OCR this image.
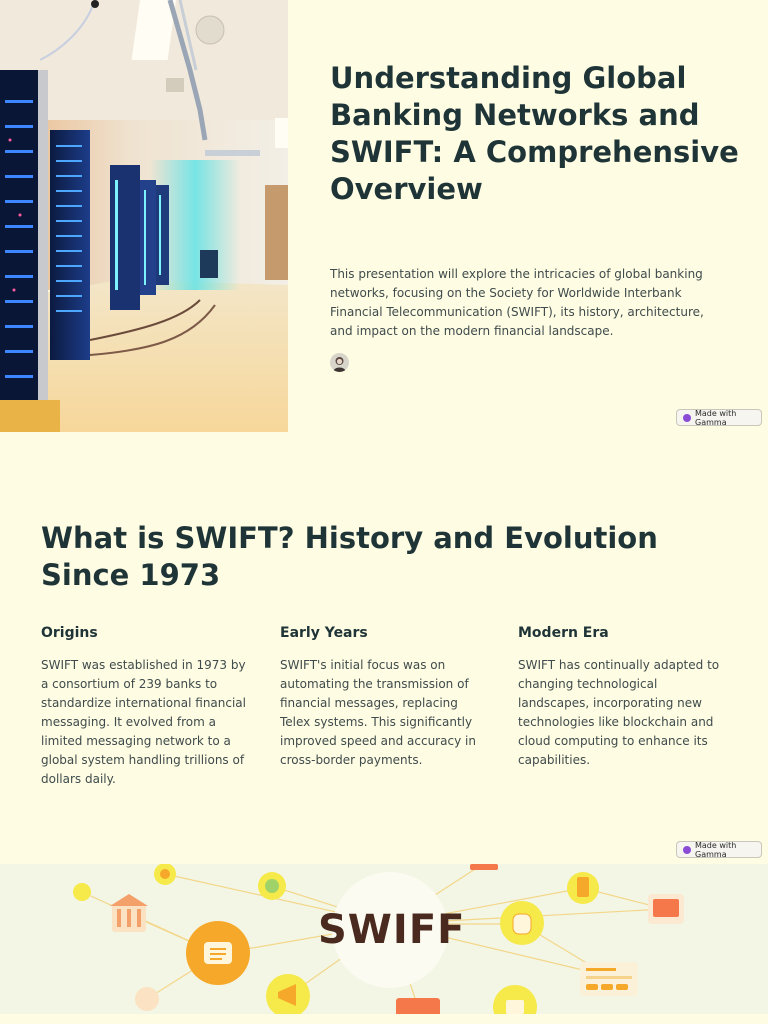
Understanding Global Banking Networks and SWIFT: A Comprehensive Overview

This presentation will explore the intricacies of global banking networks, focusing on the Society for Worldwide Interbank Financial Telecommunication (SWIFT), its history, architecture, and impact on the modern financial landscape.

Made with Gamma
What is SWIFT? History and Evolution Since 1973
Origins

SWIFT was established in 1973 by a consortium of 239 banks to standardize international financial messaging. It evolved from a limited messaging network to a global system handling trillions of dollars daily.

Early Years

SWIFT's initial focus was on automating the transmission of financial messages, replacing Telex systems. This significantly improved speed and accuracy in cross-border payments.

Modern Era

SWIFT has continually adapted to changing technological landscapes, incorporating new technologies like blockchain and cloud computing to enhance its capabilities.

Made with Gamma
SWIFF
